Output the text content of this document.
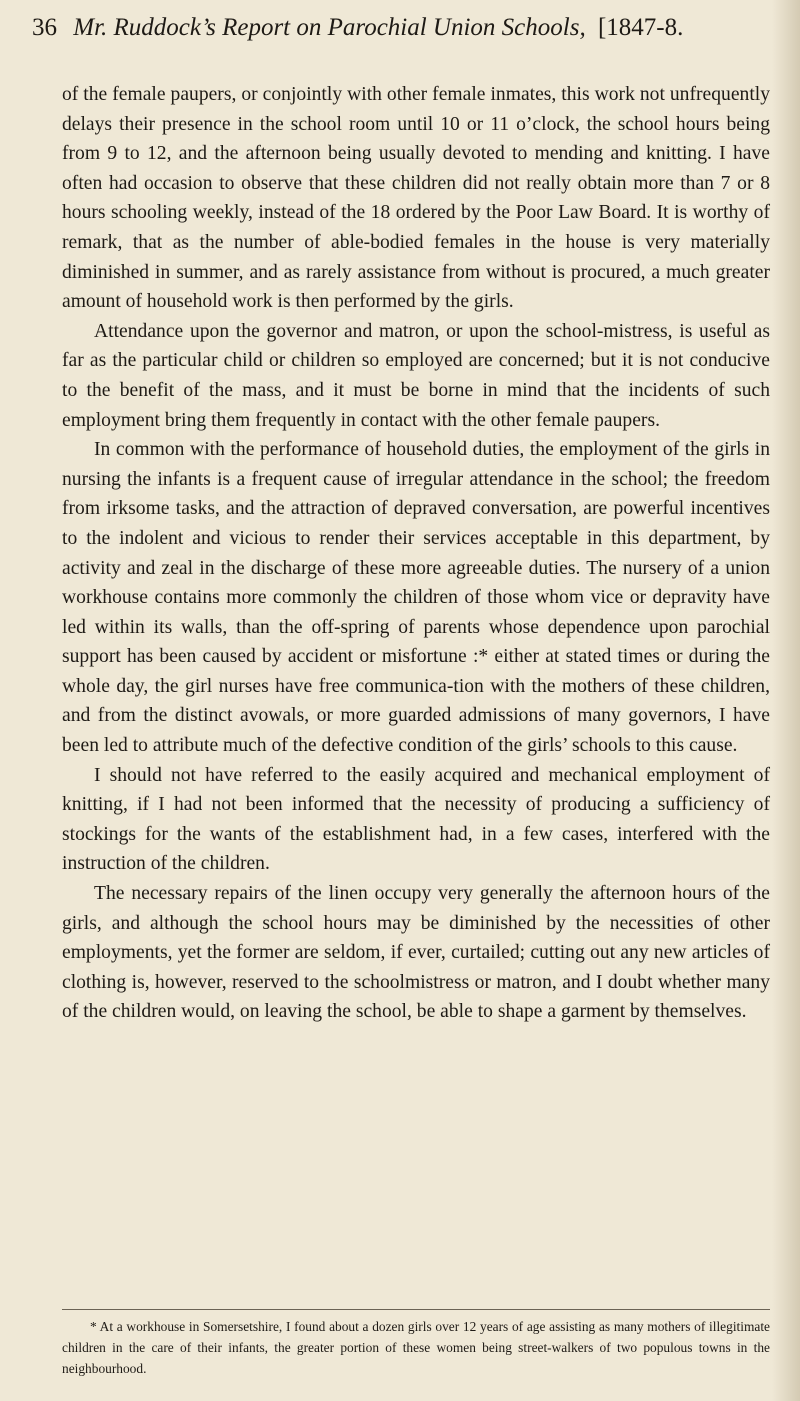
36 Mr. Ruddock’s Report on Parochial Union Schools, [1847-8.

of the female paupers, or conjointly with other female inmates, this work not unfrequently delays their presence in the school room until 10 or 11 o’clock, the school hours being from 9 to 12, and the afternoon being usually devoted to mending and knitting. I have often had occasion to observe that these children did not really obtain more than 7 or 8 hours schooling weekly, instead of the 18 ordered by the Poor Law Board. It is worthy of remark, that as the number of able-bodied females in the house is very materially diminished in summer, and as rarely assistance from without is procured, a much greater amount of household work is then performed by the girls.

Attendance upon the governor and matron, or upon the school-mistress, is useful as far as the particular child or children so employed are concerned; but it is not conducive to the benefit of the mass, and it must be borne in mind that the incidents of such employment bring them frequently in contact with the other female paupers.

In common with the performance of household duties, the employment of the girls in nursing the infants is a frequent cause of irregular attendance in the school; the freedom from irksome tasks, and the attraction of depraved conversation, are powerful incentives to the indolent and vicious to render their services acceptable in this department, by activity and zeal in the discharge of these more agreeable duties. The nursery of a union workhouse contains more commonly the children of those whom vice or depravity have led within its walls, than the off-spring of parents whose dependence upon parochial support has been caused by accident or misfortune :* either at stated times or during the whole day, the girl nurses have free communica-tion with the mothers of these children, and from the distinct avowals, or more guarded admissions of many governors, I have been led to attribute much of the defective condition of the girls’ schools to this cause.

I should not have referred to the easily acquired and mechanical employment of knitting, if I had not been informed that the necessity of producing a sufficiency of stockings for the wants of the establishment had, in a few cases, interfered with the instruction of the children.

The necessary repairs of the linen occupy very generally the afternoon hours of the girls, and although the school hours may be diminished by the necessities of other employments, yet the former are seldom, if ever, curtailed; cutting out any new articles of clothing is, however, reserved to the schoolmistress or matron, and I doubt whether many of the children would, on leaving the school, be able to shape a garment by themselves.

* At a workhouse in Somersetshire, I found about a dozen girls over 12 years of age assisting as many mothers of illegitimate children in the care of their infants, the greater portion of these women being street-walkers of two populous towns in the neighbourhood.
